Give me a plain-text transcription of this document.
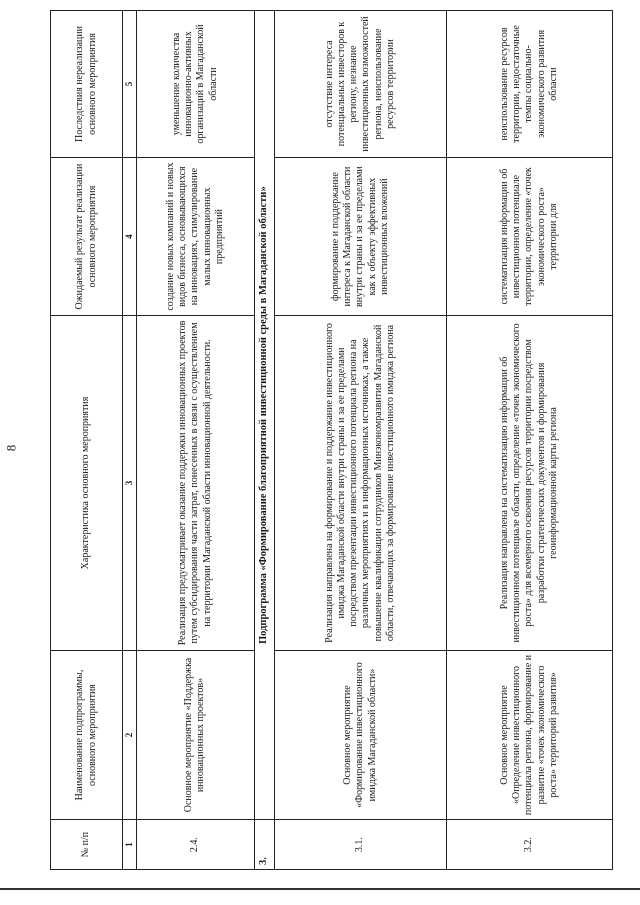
8
№ п/п	Наименование подпрограммы, основного мероприятия	Характеристика основного мероприятия	Ожидаемый результат реализации основного мероприятия	Последствия нереализации основного мероприятия
1	2	3	4	5
2.4.	Основное мероприятие «Поддержка инновационных проектов»	Реализация предусматривает оказание поддержки инновационных проектов путем субсидирования части затрат, понесенных в связи с осуществлением на территории Магаданской области инновационной деятельности.	создание новых компаний и новых видов бизнеса, основывающихся на инновациях, стимулирование малых инновационных предприятий	уменьшение количества инновационно-активных организаций в Магаданской области
3.	Подпрограмма «Формирование благоприятной инвестиционной среды в Магаданской области»			
3.1.	Основное мероприятие «Формирование инвестиционного имиджа Магаданской области»	Реализация направлена на формирование и поддержание инвестиционного имиджа Магаданской области внутри страны и за ее пределами посредством презентации инвестиционного потенциала региона на различных мероприятиях и в информационных источниках, а также повышение квалификации сотрудников Минэкономразвития Магаданской области, отвечающих за формирование инвестиционного имиджа региона	формирование и поддержание интереса к Магаданской области внутри страны и за ее пределами как к объекту эффективных инвестиционных вложений	отсутствие интереса потенциальных инвесторов к региону, незнание инвестиционных возможностей региона, неиспользование ресурсов территории
3.2.	Основное мероприятие «Определение инвестиционного потенциала региона, формирование и развитие «точек экономического роста» территорий развития»	Реализация направлена на систематизацию информации об инвестиционном потенциале области, определение «точек экономического роста» для всемерного освоения ресурсов территории посредством разработки стратегических документов и формирования геоинформационной карты региона	систематизация информации об инвестиционном потенциале территории, определение «точек экономического роста» территории для	неиспользование ресурсов территории, недостаточные темпы социально-экономического развития области
